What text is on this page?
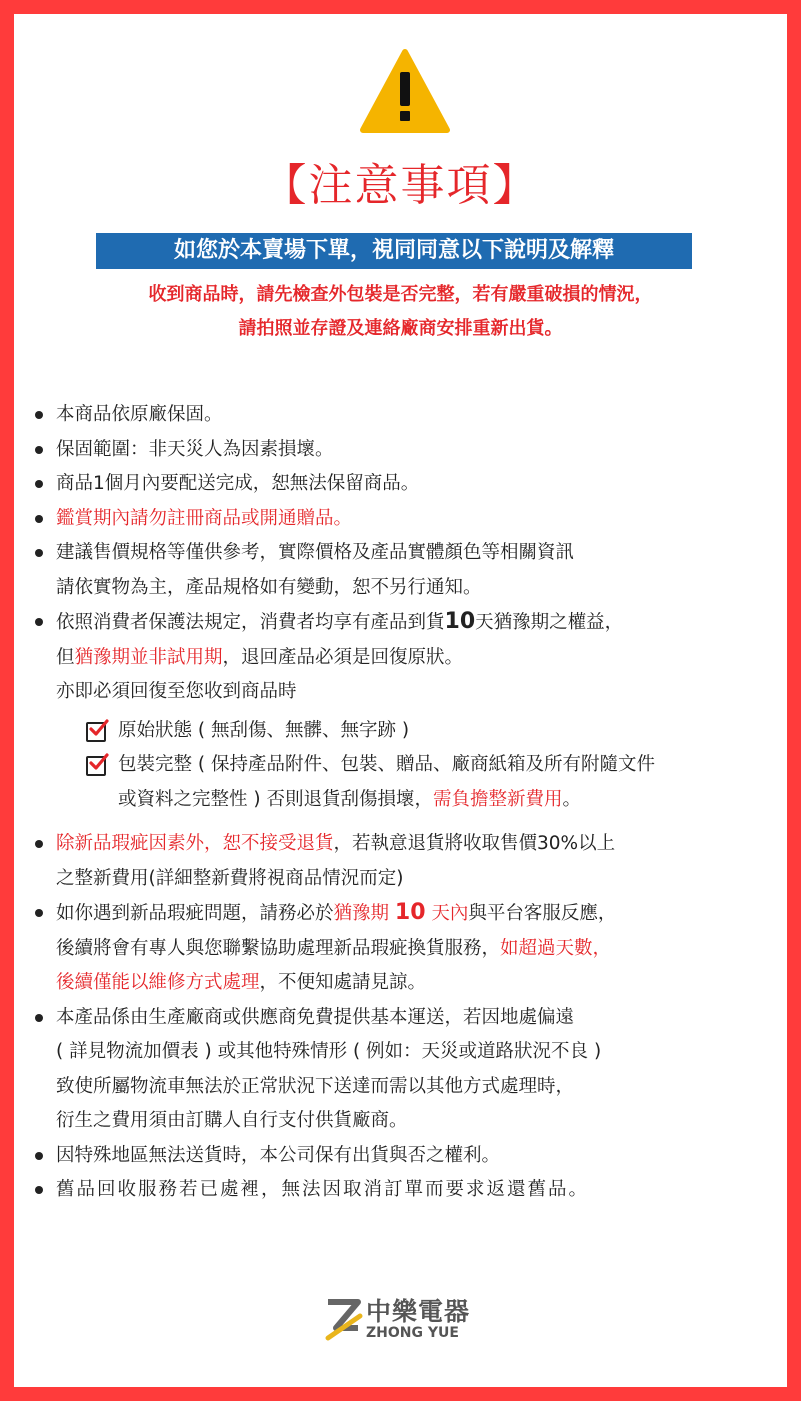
【注意事項】
如您於本賣場下單，視同同意以下說明及解釋
收到商品時，請先檢查外包裝是否完整，若有嚴重破損的情況，
請拍照並存證及連絡廠商安排重新出貨。
本商品依原廠保固。
保固範圍：非天災人為因素損壞。
商品1個月內要配送完成，恕無法保留商品。
鑑賞期內請勿註冊商品或開通贈品。
建議售價規格等僅供參考，實際價格及產品實體顏色等相關資訊
請依實物為主，產品規格如有變動，恕不另行通知。
依照消費者保護法規定，消費者均享有產品到貨10天猶豫期之權益，
但猶豫期並非試用期，退回產品必須是回復原狀。
亦即必須回復至您收到商品時
原始狀態 ( 無刮傷、無髒、無字跡 )
包裝完整 ( 保持產品附件、包裝、贈品、廠商紙箱及所有附隨文件
或資料之完整性 ) 否則退貨刮傷損壞，需負擔整新費用。
除新品瑕疵因素外，恕不接受退貨，若執意退貨將收取售價30%以上
之整新費用(詳細整新費將視商品情況而定)
如你遇到新品瑕疵問題，請務必於猶豫期 10 天內與平台客服反應，
後續將會有專人與您聯繫協助處理新品瑕疵換貨服務，如超過天數，
後續僅能以維修方式處理，不便知處請見諒。
本產品係由生產廠商或供應商免費提供基本運送，若因地處偏遠
( 詳見物流加價表 ) 或其他特殊情形 ( 例如：天災或道路狀況不良 )
致使所屬物流車無法於正常狀況下送達而需以其他方式處理時，
衍生之費用須由訂購人自行支付供貨廠商。
因特殊地區無法送貨時，本公司保有出貨與否之權利。
舊品回收服務若已處裡，無法因取消訂單而要求返還舊品。
中樂電器
ZHONG YUE
